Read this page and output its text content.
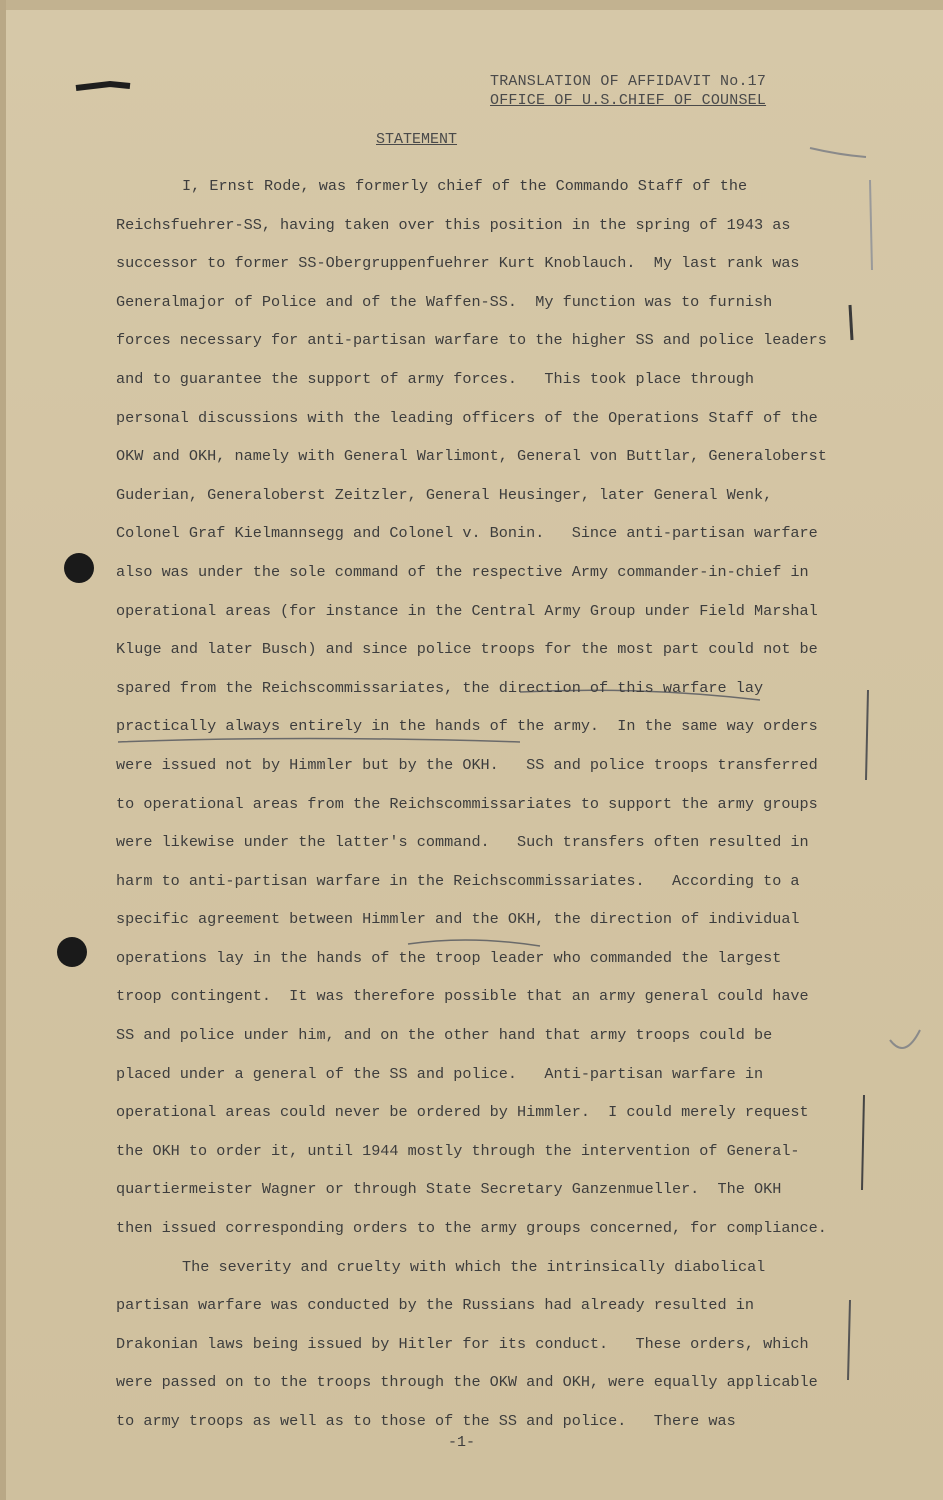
TRANSLATION OF AFFIDAVIT No.17
OFFICE OF U.S.CHIEF OF COUNSEL
STATEMENT
I, Ernst Rode, was formerly chief of the Commando Staff of the
Reichsfuehrer-SS, having taken over this position in the spring of 1943 as
successor to former SS-Obergruppenfuehrer Kurt Knoblauch.  My last rank was
Generalmajor of Police and of the Waffen-SS.  My function was to furnish
forces necessary for anti-partisan warfare to the higher SS and police leaders
and to guarantee the support of army forces.   This took place through
personal discussions with the leading officers of the Operations Staff of the
OKW and OKH, namely with General Warlimont, General von Buttlar, Generaloberst
Guderian, Generaloberst Zeitzler, General Heusinger, later General Wenk,
Colonel Graf Kielmannsegg and Colonel v. Bonin.   Since anti-partisan warfare
also was under the sole command of the respective Army commander-in-chief in
operational areas (for instance in the Central Army Group under Field Marshal
Kluge and later Busch) and since police troops for the most part could not be
spared from the Reichscommissariates, the direction of this warfare lay
practically always entirely in the hands of the army.  In the same way orders
were issued not by Himmler but by the OKH.   SS and police troops transferred
to operational areas from the Reichscommissariates to support the army groups
were likewise under the latter's command.   Such transfers often resulted in
harm to anti-partisan warfare in the Reichscommissariates.   According to a
specific agreement between Himmler and the OKH, the direction of individual
operations lay in the hands of the troop leader who commanded the largest
troop contingent.  It was therefore possible that an army general could have
SS and police under him, and on the other hand that army troops could be
placed under a general of the SS and police.   Anti-partisan warfare in
operational areas could never be ordered by Himmler.  I could merely request
the OKH to order it, until 1944 mostly through the intervention of General-
quartiermeister Wagner or through State Secretary Ganzenmueller.  The OKH
then issued corresponding orders to the army groups concerned, for compliance.
The severity and cruelty with which the intrinsically diabolical
partisan warfare was conducted by the Russians had already resulted in
Drakonian laws being issued by Hitler for its conduct.   These orders, which
were passed on to the troops through the OKW and OKH, were equally applicable
to army troops as well as to those of the SS and police.   There was
-1-
